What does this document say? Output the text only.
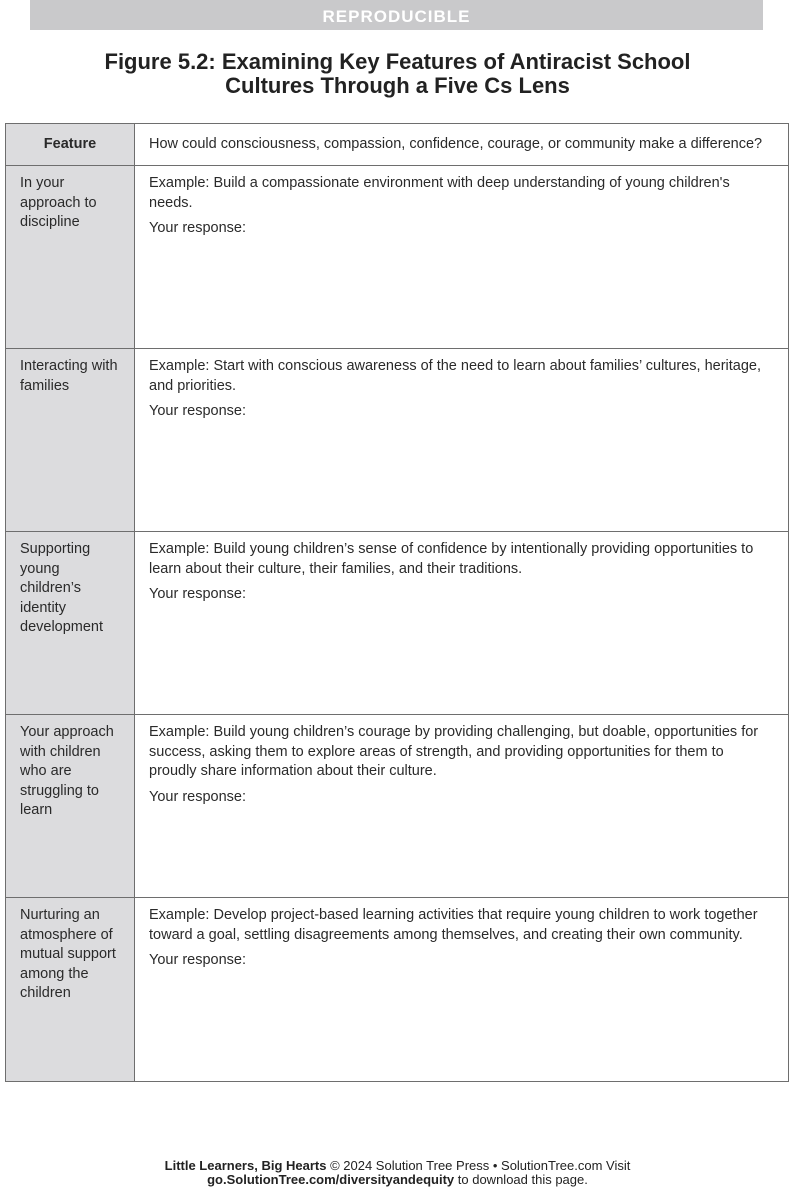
REPRODUCIBLE
Figure 5.2: Examining Key Features of Antiracist School
Cultures Through a Five Cs Lens
Feature	How could consciousness, compassion, confidence, courage, or community make a difference?
In your approach to discipline	Example: Build a compassionate environment with deep understanding of young children's needs.
Your response:

Interacting with families	Example: Start with conscious awareness of the need to learn about families’ cultures, heritage, and priorities.
Your response:

Supporting young children’s identity development	Example: Build young children’s sense of confidence by intentionally providing opportunities to learn about their culture, their families, and their traditions.
Your response:

Your approach with children who are struggling to learn	Example: Build young children’s courage by providing challenging, but doable, opportunities for success, asking them to explore areas of strength, and providing opportunities for them to proudly share information about their culture.
Your response:

Nurturing an atmosphere of mutual support among the children	Example: Develop project-based learning activities that require young children to work together toward a goal, settling disagreements among themselves, and creating their own community.
Your response:
Little Learners, Big Hearts © 2024 Solution Tree Press • SolutionTree.com Visit go.SolutionTree.com/diversityandequity to download this page.
